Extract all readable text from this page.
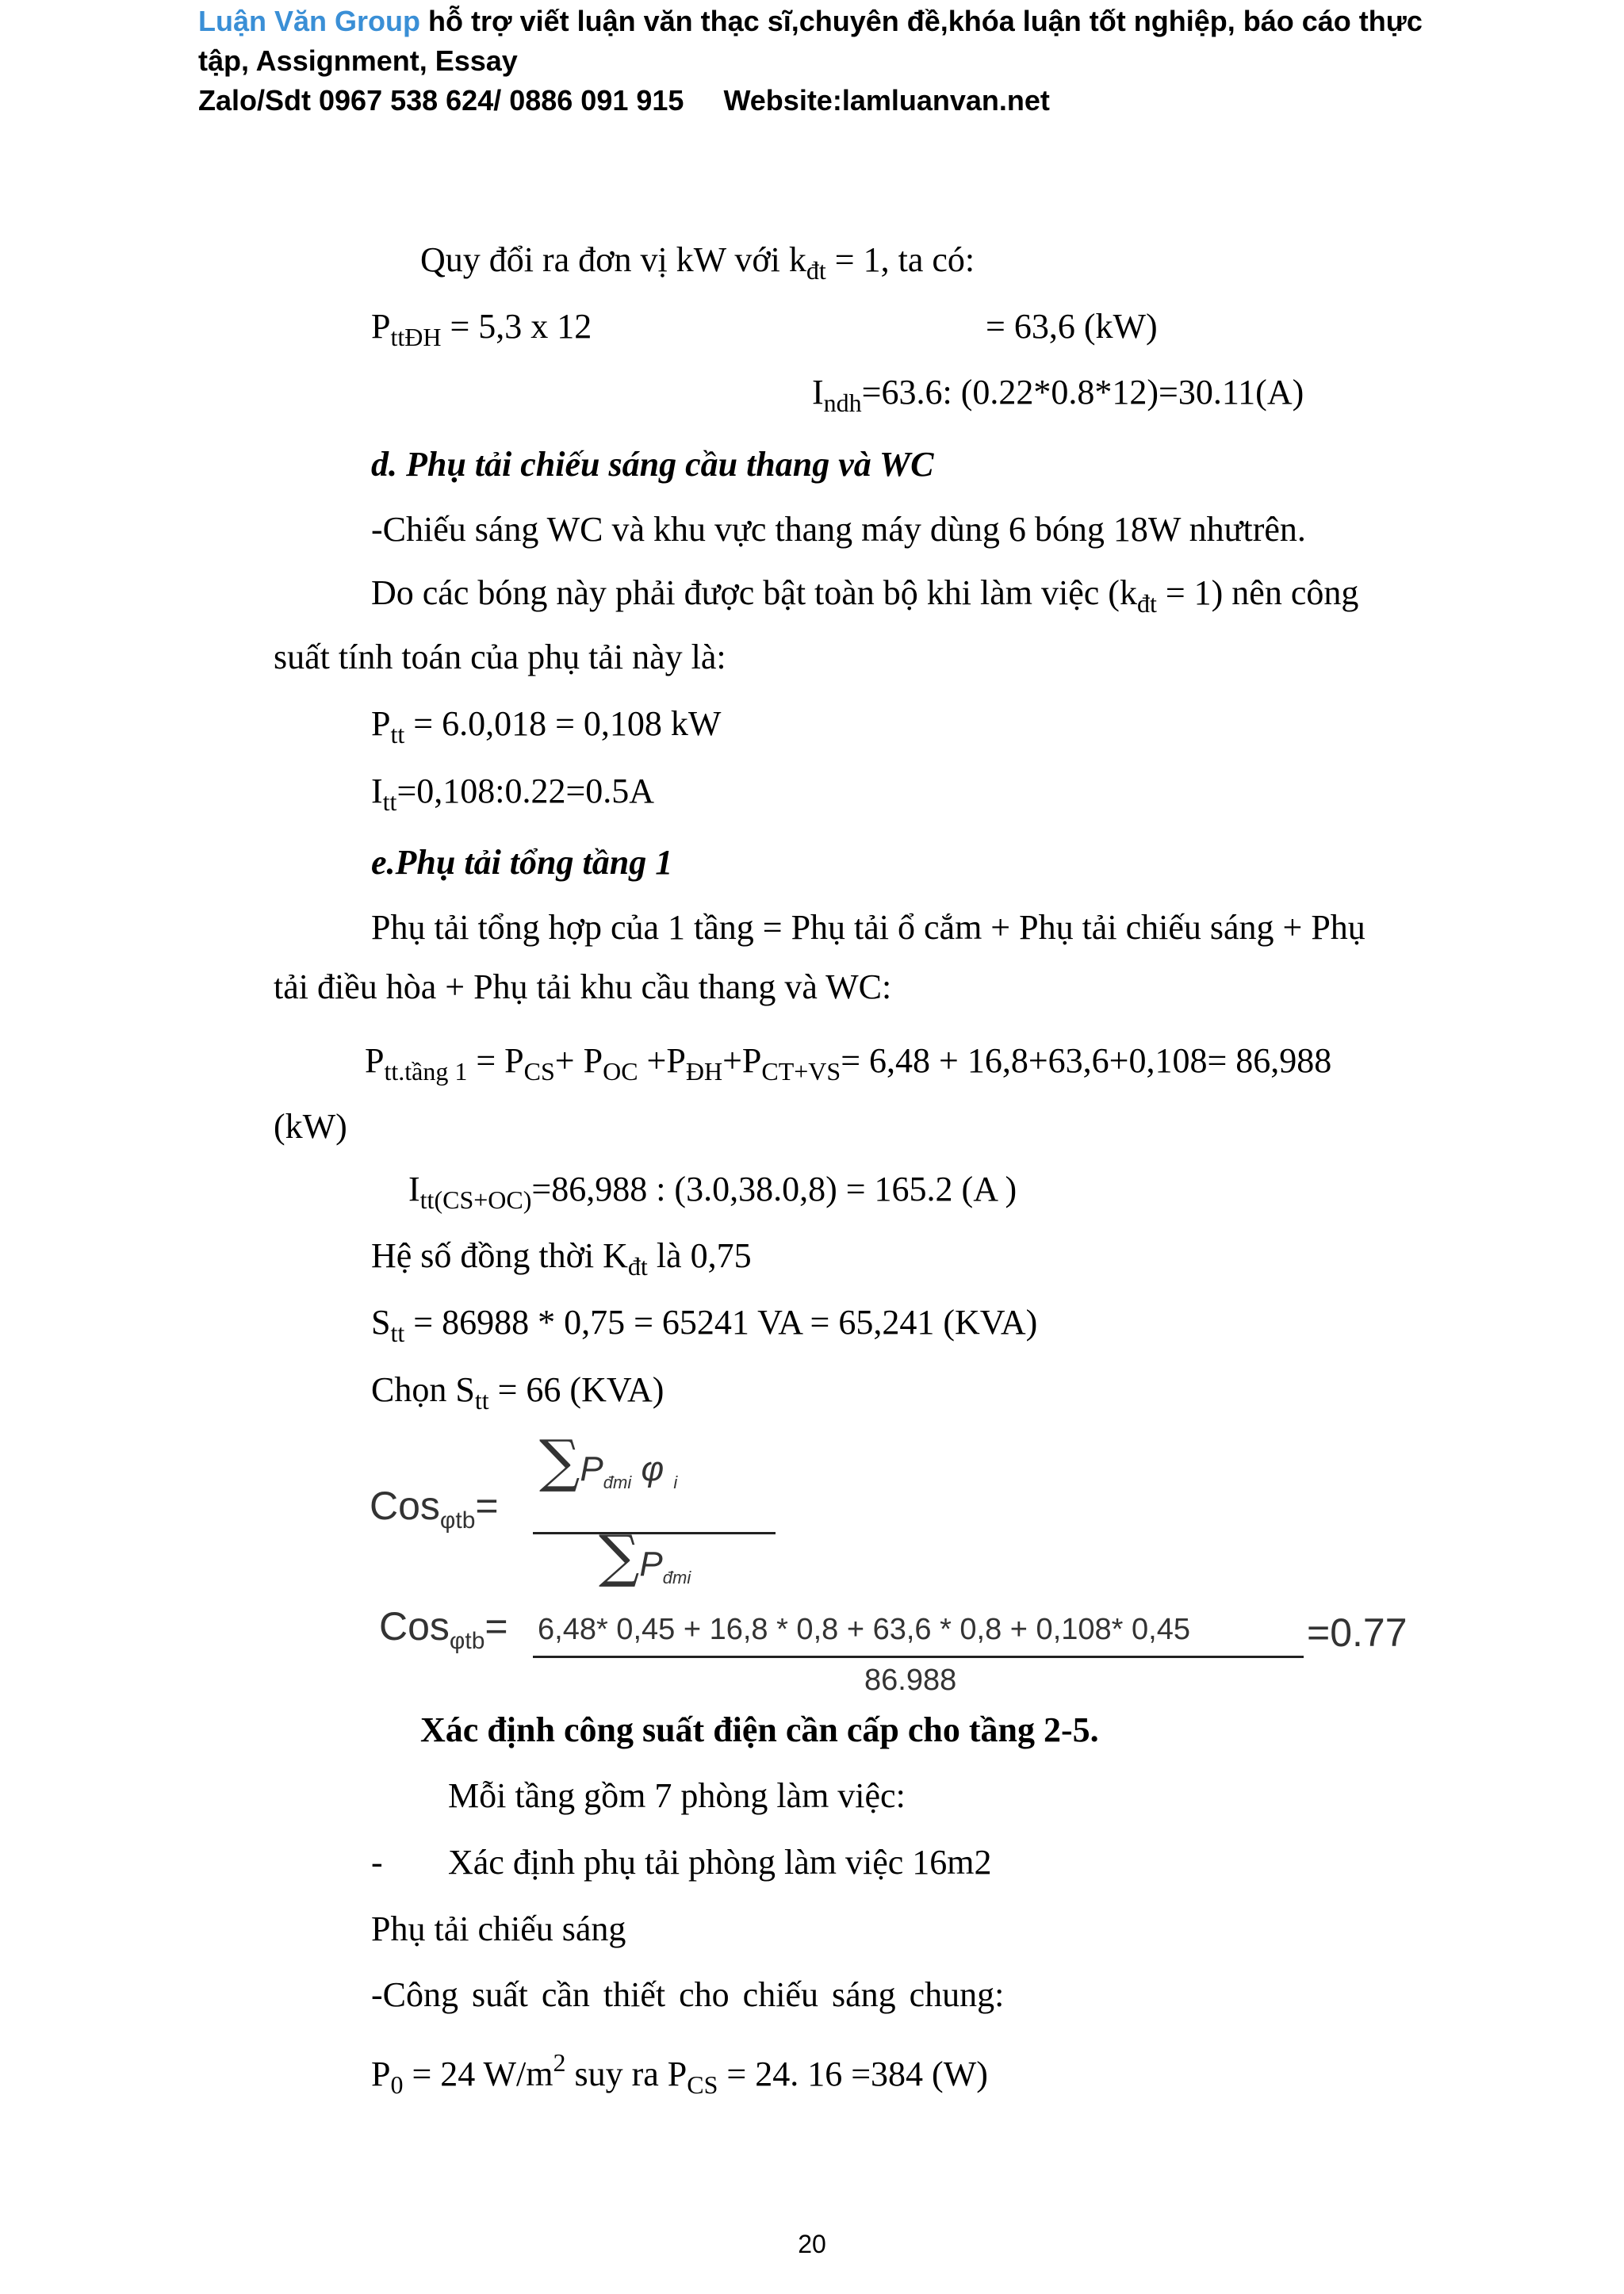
Luận Văn Group hỗ trợ viết luận văn thạc sĩ,chuyên đề,khóa luận tốt nghiệp, báo cáo thực
tập, Assignment, Essay
Zalo/Sdt 0967 538 624/ 0886 091 915 Website:lamluanvan.net
Quy đổi ra đơn vị kW với $k_{đt} = 1$, ta có:
$P_{ttĐH} = 5,3$ x 12	= 63,6 (kW)
$I_{ndh}=63.6$: (0.22*0.8*12)=30.11(A)
d. Phụ tải chiếu sáng cầu thang và WC
-Chiếu sáng WC và khu vực thang máy dùng 6 bóng 18W nhưtrên.
Do các bóng này phải được bật toàn bộ khi làm việc $(k_{đt} = 1)$ nên công
suất tính toán của phụ tải này là:
$P_{tt} = 6.0,018 = 0,108$ kW
$I_{tt}=0,108:0.22=0.5A$
e.Phụ tải tổng tầng 1
Phụ tải tổng hợp của 1 tầng = Phụ tải ổ cắm + Phụ tải chiếu sáng + Phụ
tải điều hòa + Phụ tải khu cầu thang và WC:
$P_{tt.tầng 1} = P_{CS}+ P_{OC} +P_{ĐH}+P_{CT+VS}= 6,48 + 16,8+63,6+0,108= 86,988$
(kW)
$I_{tt(CS+OC)}=86,988$ : (3.0,38.0,8) = 165.2 (A )
Hệ số đồng thời $K_{đt}$ là 0,75
$S_{tt} = 86988 * 0,75 = 65241$ VA = 65,241 (KVA)
Chọn $S_{tt} = 66$ (KVA)
Cos$_{\varphi tb}$=
$\sum P_{đmi}$ φ $_i$
$\sum P_{đmi}$
Cos$_{\varphi tb}$= 6,48* 0,45 + 16,8 * 0,8 + 63,6 * 0,8 + 0,108* 0,45
86.988
=0.77
Xác định công suất điện cần cấp cho tầng 2-5.
Mỗi tầng gồm 7 phòng làm việc:
- Xác định phụ tải phòng làm việc 16m2
Phụ tải chiếu sáng
-Công suất cần thiết cho chiếu sáng chung:
$P_0 = 24$ $W/m^2$ suy ra $P_{CS} = 24$. 16 =384 (W)
20
